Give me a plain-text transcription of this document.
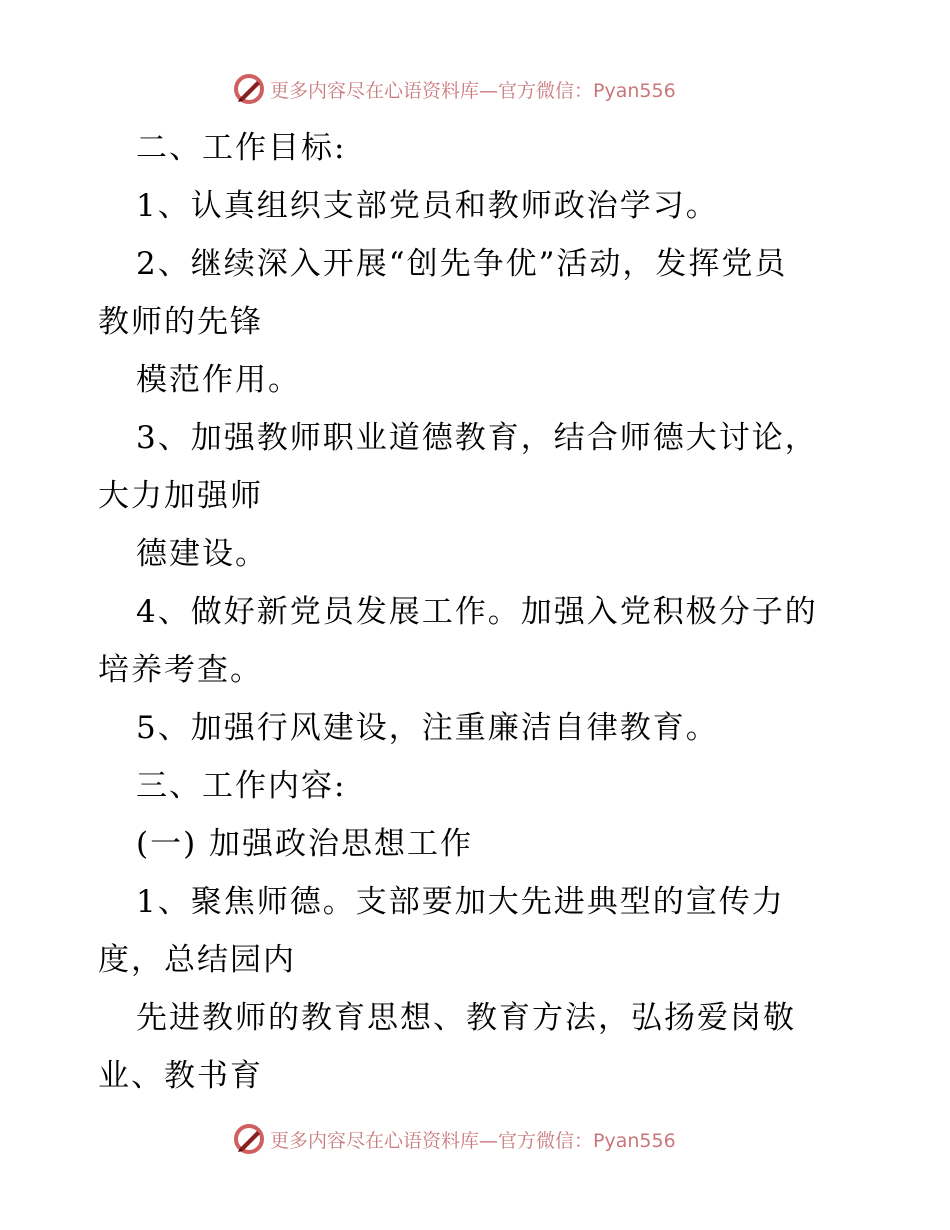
更多内容尽在心语资料库—官方微信：Pyan556
二、工作目标:
1、认真组织支部党员和教师政治学习。
2、继续深入开展“创先争优”活动，发挥党员
教师的先锋
模范作用。
3、加强教师职业道德教育，结合师德大讨论，
大力加强师
德建设。
4、做好新党员发展工作。加强入党积极分子的
培养考查。
5、加强行风建设，注重廉洁自律教育。
三、工作内容:
(一) 加强政治思想工作
1、聚焦师德。支部要加大先进典型的宣传力
度，总结园内
先进教师的教育思想、教育方法，弘扬爱岗敬
业、教书育
更多内容尽在心语资料库—官方微信：Pyan556
